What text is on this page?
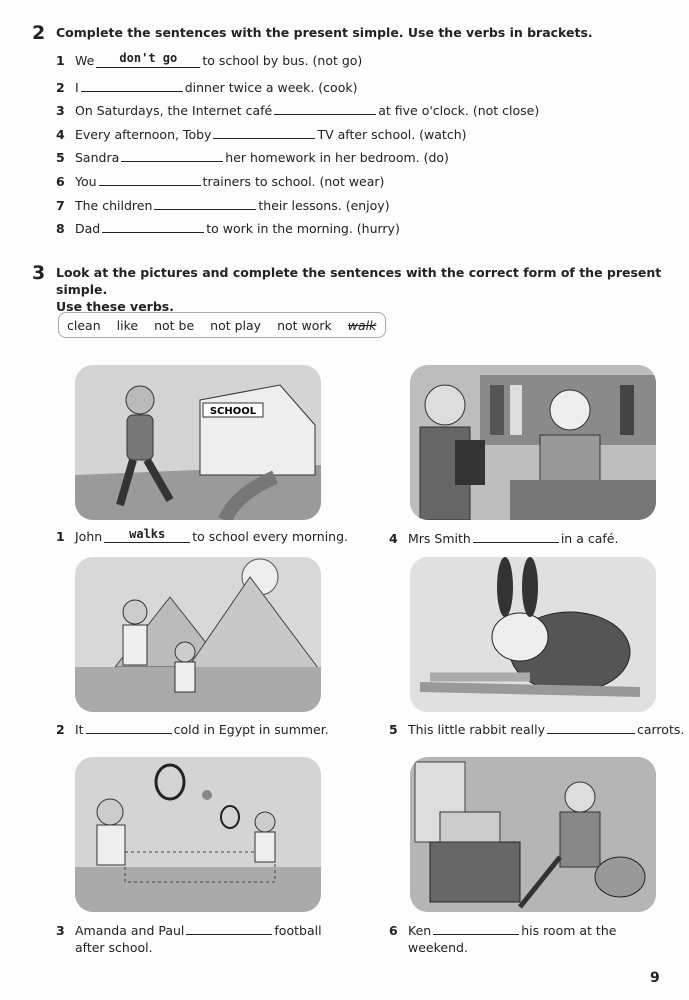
2 Complete the sentences with the present simple. Use the verbs in brackets.
1 We don't go to school by bus. (not go)
2 I	dinner twice a week. (cook)
3 On Saturdays, the Internet café	at five o'clock. (not close)
4 Every afternoon, Toby	TV after school. (watch)
5 Sandra	her homework in her bedroom. (do)
6 You	trainers to school. (not wear)
7 The children	their lessons. (enjoy)
8 Dad	to work in the morning. (hurry)
3 Look at the pictures and complete the sentences with the correct form of the present simple.
Use these verbs.
clean like not be not play not work walk
SCHOOL
1 John walks to school every morning.
2 It	cold in Egypt in summer.
3 Amanda and Paul	football
after school.
4 Mrs Smith	in a café.
5 This little rabbit really	carrots.
6 Ken	his room at the
weekend.
9
